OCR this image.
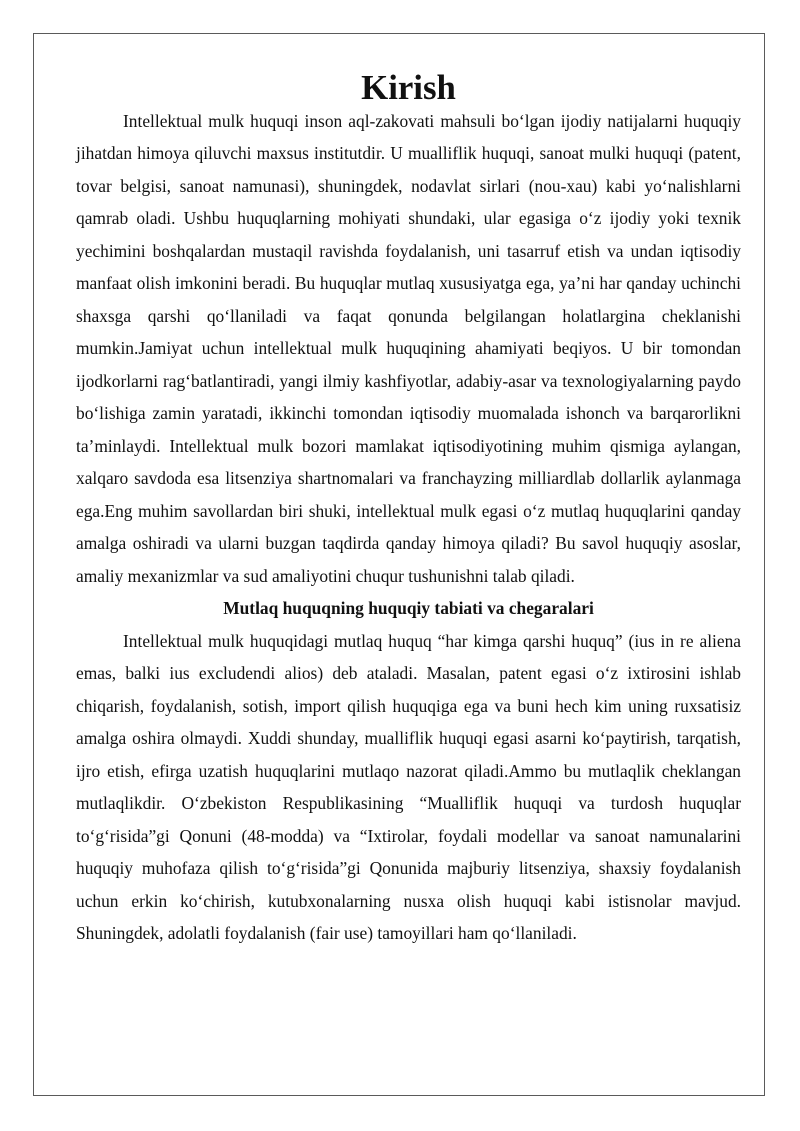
Kirish

Intellektual mulk huquqi inson aql-zakovati mahsuli bo‘lgan ijodiy natijalarni huquqiy jihatdan himoya qiluvchi maxsus institutdir. U mualliflik huquqi, sanoat mulki huquqi (patent, tovar belgisi, sanoat namunasi), shuningdek, nodavlat sirlari (nou-xau) kabi yo‘nalishlarni qamrab oladi. Ushbu huquqlarning mohiyati shundaki, ular egasiga o‘z ijodiy yoki texnik yechimini boshqalardan mustaqil ravishda foydalanish, uni tasarruf etish va undan iqtisodiy manfaat olish imkonini beradi. Bu huquqlar mutlaq xususiyatga ega, ya’ni har qanday uchinchi shaxsga qarshi qo‘llaniladi va faqat qonunda belgilangan holatlargina cheklanishi mumkin.Jamiyat uchun intellektual mulk huquqining ahamiyati beqiyos. U bir tomondan ijodkorlarni rag‘batlantiradi, yangi ilmiy kashfiyotlar, adabiy-asar va texnologiyalarning paydo bo‘lishiga zamin yaratadi, ikkinchi tomondan iqtisodiy muomalada ishonch va barqarorlikni ta’minlaydi. Intellektual mulk bozori mamlakat iqtisodiyotining muhim qismiga aylangan, xalqaro savdoda esa litsenziya shartnomalari va franchayzing milliardlab dollarlik aylanmaga ega.Eng muhim savollardan biri shuki, intellektual mulk egasi o‘z mutlaq huquqlarini qanday amalga oshiradi va ularni buzgan taqdirda qanday himoya qiladi? Bu savol huquqiy asoslar, amaliy mexanizmlar va sud amaliyotini chuqur tushunishni talab qiladi.

Mutlaq huquqning huquqiy tabiati va chegaralari

Intellektual mulk huquqidagi mutlaq huquq “har kimga qarshi huquq” (ius in re aliena emas, balki ius excludendi alios) deb ataladi. Masalan, patent egasi o‘z ixtirosini ishlab chiqarish, foydalanish, sotish, import qilish huquqiga ega va buni hech kim uning ruxsatisiz amalga oshira olmaydi. Xuddi shunday, mualliflik huquqi egasi asarni ko‘paytirish, tarqatish, ijro etish, efirga uzatish huquqlarini mutlaqo nazorat qiladi.Ammo bu mutlaqlik cheklangan mutlaqlikdir. O‘zbekiston Respublikasining “Mualliflik huquqi va turdosh huquqlar to‘g‘risida”gi Qonuni (48-modda) va “Ixtirolar, foydali modellar va sanoat namunalarini huquqiy muhofaza qilish to‘g‘risida”gi Qonunida majburiy litsenziya, shaxsiy foydalanish uchun erkin ko‘chirish, kutubxonalarning nusxa olish huquqi kabi istisnolar mavjud. Shuningdek, adolatli foydalanish (fair use) tamoyillari ham qo‘llaniladi.
